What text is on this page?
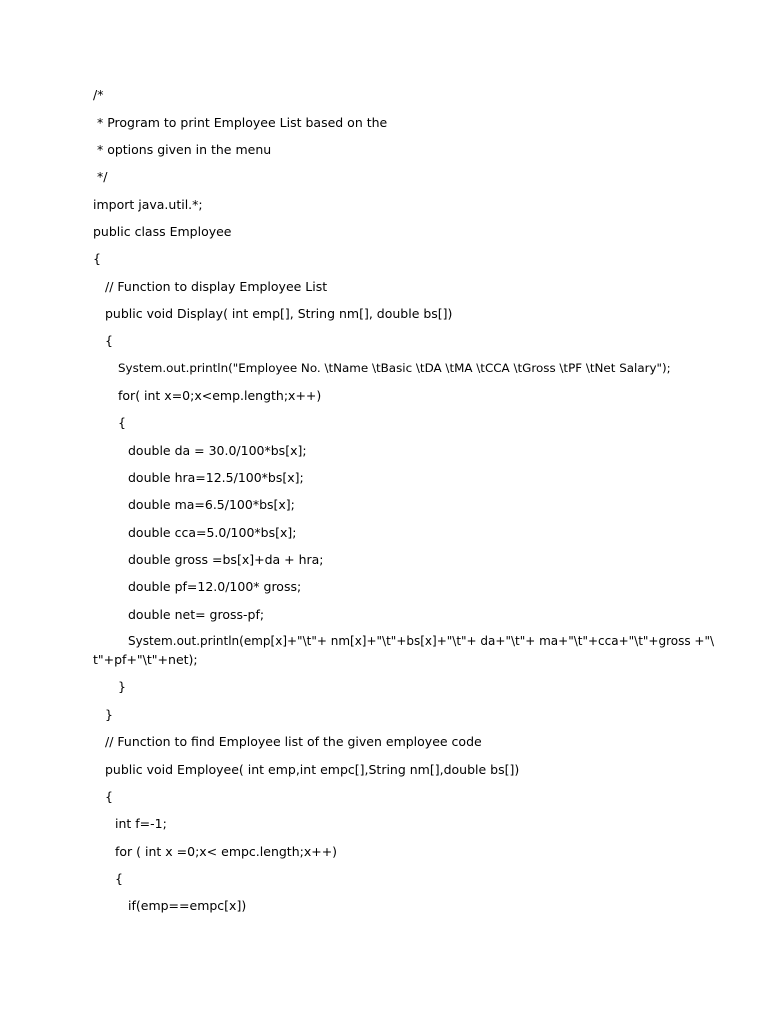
/*
* Program to print Employee List based on the
* options given in the menu
*/
import java.util.*;
public class Employee
{
// Function to display Employee List
public void Display( int emp[], String nm[], double bs[])
{
System.out.println("Employee No. \tName \tBasic \tDA \tMA \tCCA \tGross \tPF \tNet Salary");
for( int x=0;x<emp.length;x++)
{
double da = 30.0/100*bs[x];
double hra=12.5/100*bs[x];
double ma=6.5/100*bs[x];
double cca=5.0/100*bs[x];
double gross =bs[x]+da + hra;
double pf=12.0/100* gross;
double net= gross-pf;
System.out.println(emp[x]+"\t"+ nm[x]+"\t"+bs[x]+"\t"+ da+"\t"+ ma+"\t"+cca+"\t"+gross +"\
t"+pf+"\t"+net);
}
}
// Function to find Employee list of the given employee code
public void Employee( int emp,int empc[],String nm[],double bs[])
{
int f=-1;
for ( int x =0;x< empc.length;x++)
{
if(emp==empc[x])
